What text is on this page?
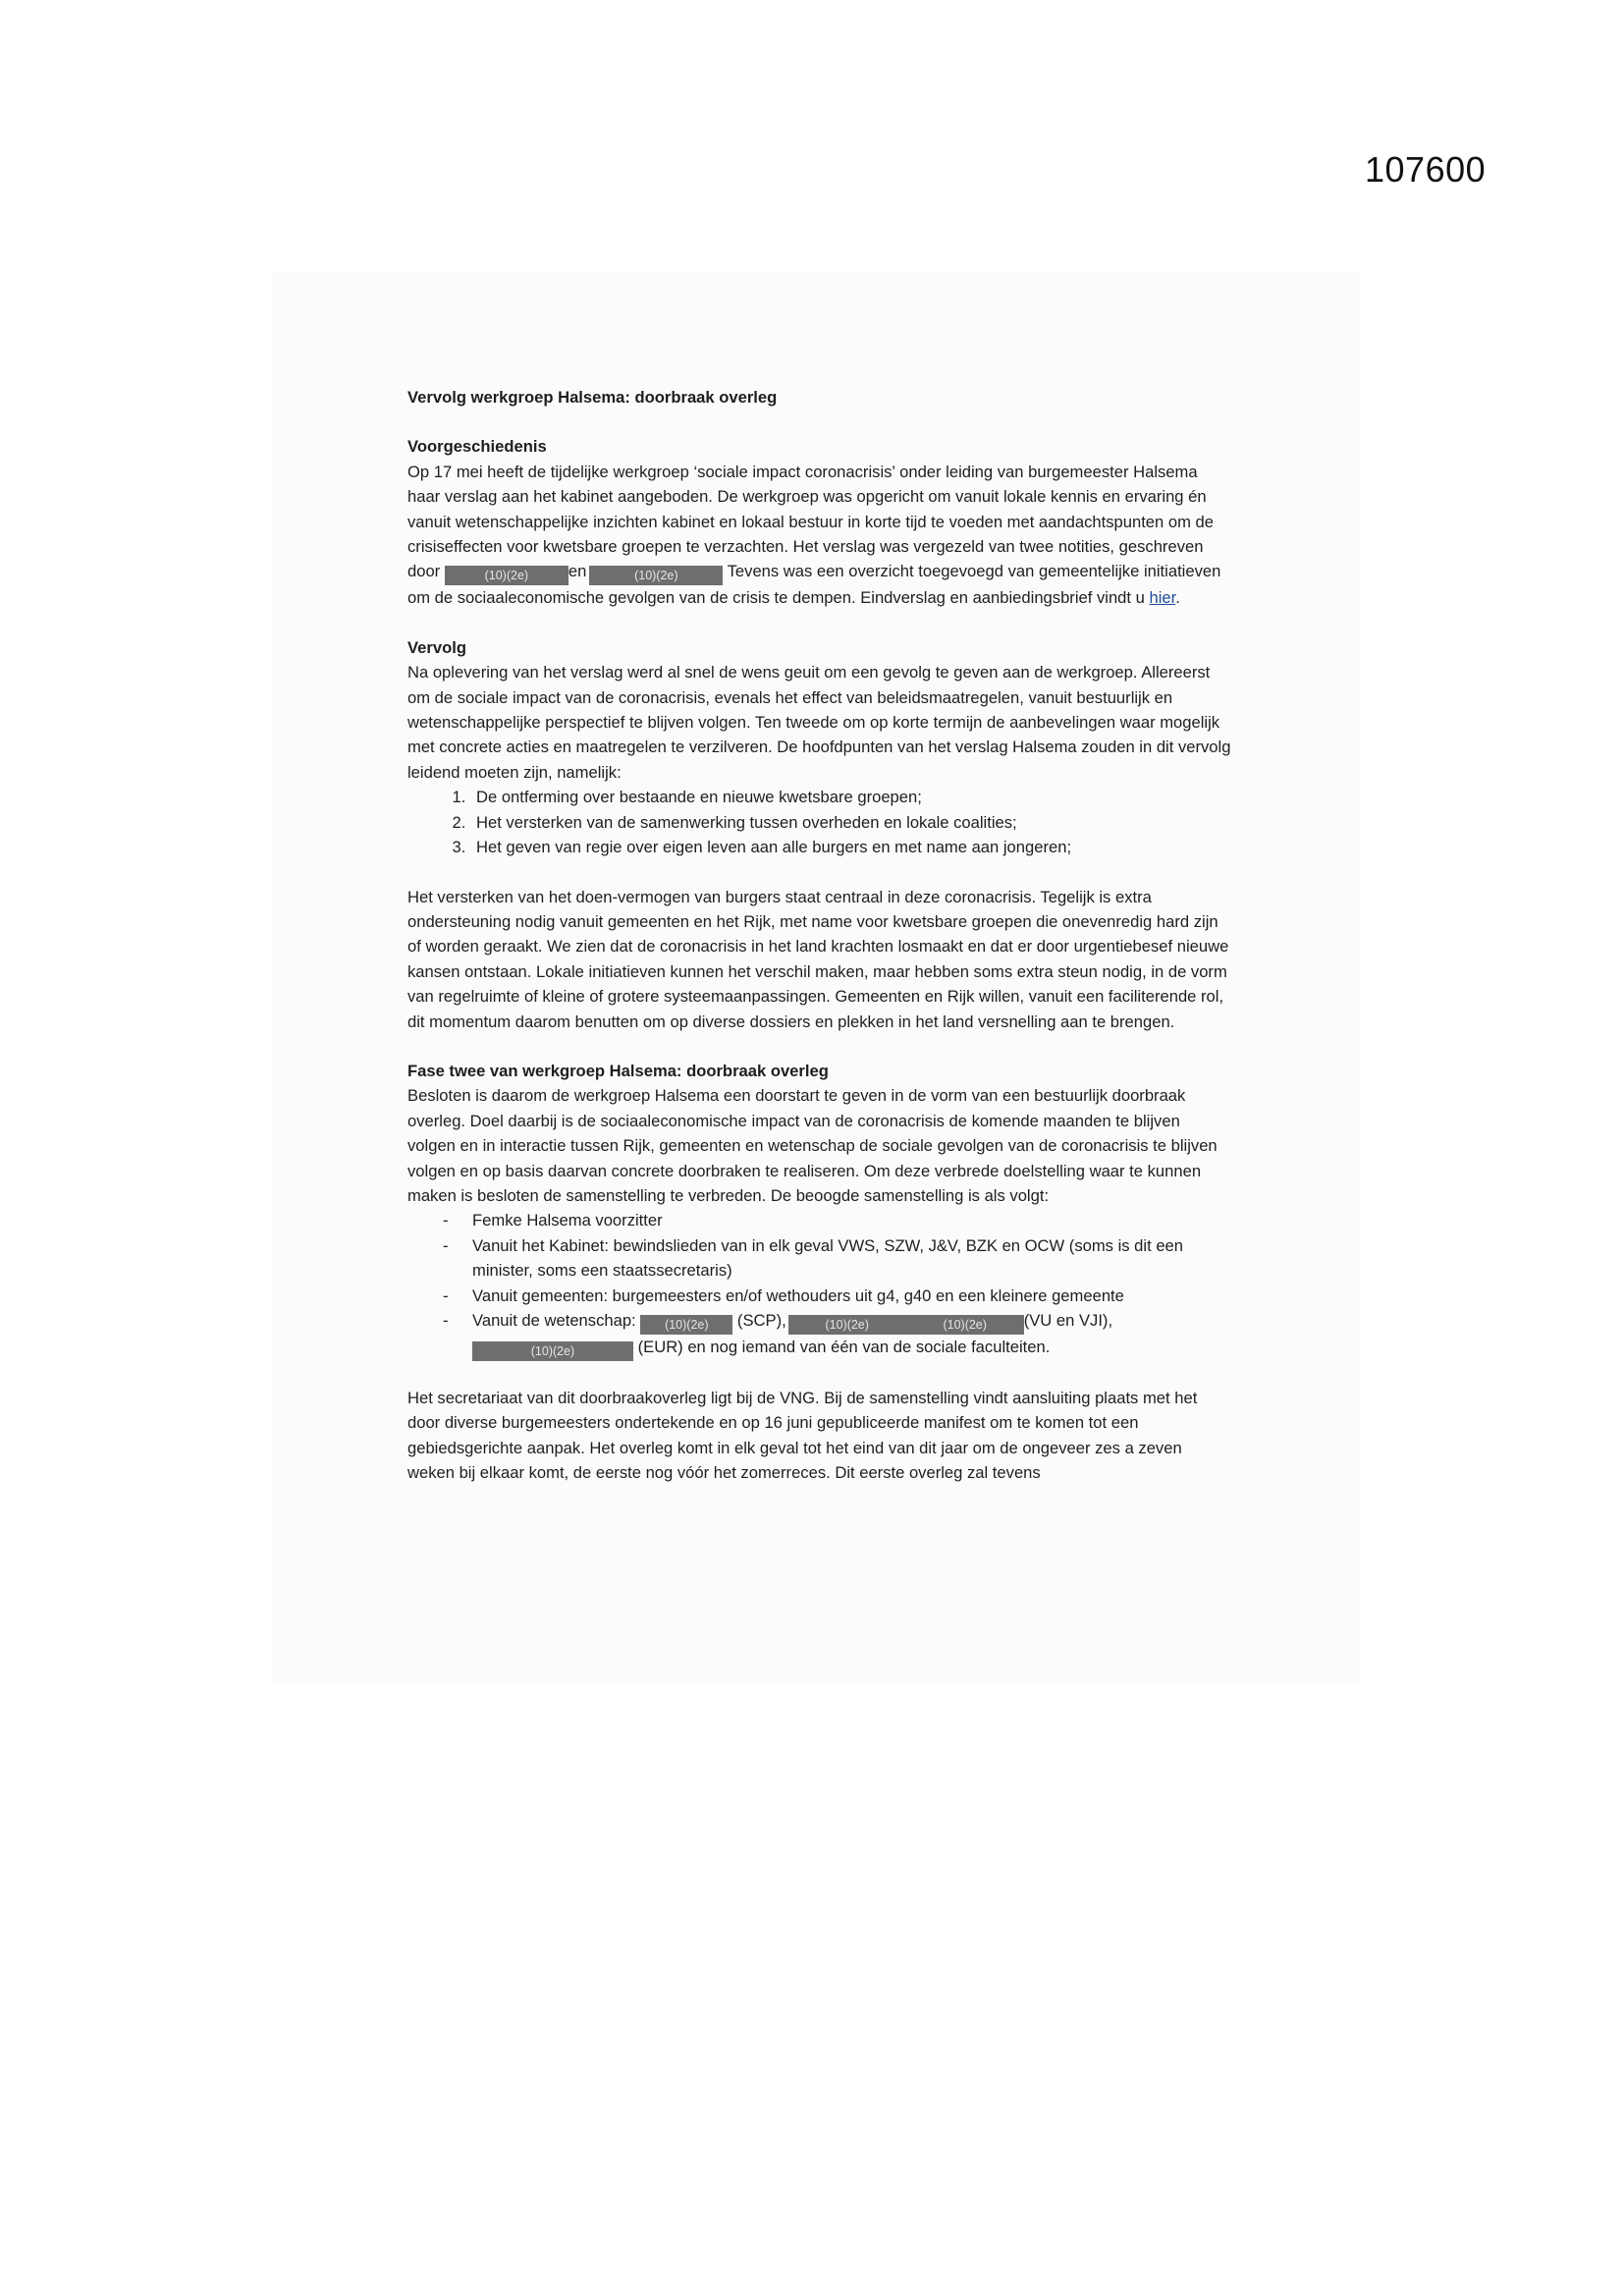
107600

Vervolg werkgroep Halsema: doorbraak overleg

Voorgeschiedenis

Op 17 mei heeft de tijdelijke werkgroep ‘sociale impact coronacrisis’ onder leiding van burgemeester Halsema haar verslag aan het kabinet aangeboden. De werkgroep was opgericht om vanuit lokale kennis en ervaring én vanuit wetenschappelijke inzichten kabinet en lokaal bestuur in korte tijd te voeden met aandachtspunten om de crisiseffecten voor kwetsbare groepen te verzachten. Het verslag was vergezeld van twee notities, geschreven door	(10)(2e) en	(10)(2e)	Tevens was een overzicht toegevoegd van gemeentelijke initiatieven om de sociaaleconomische gevolgen van de crisis te dempen. Eindverslag en aanbiedingsbrief vindt u hier.

Vervolg

Na oplevering van het verslag werd al snel de wens geuit om een gevolg te geven aan de werkgroep. Allereerst om de sociale impact van de coronacrisis, evenals het effect van beleidsmaatregelen, vanuit bestuurlijk en wetenschappelijke perspectief te blijven volgen. Ten tweede om op korte termijn de aanbevelingen waar mogelijk met concrete acties en maatregelen te verzilveren. De hoofdpunten van het verslag Halsema zouden in dit vervolg leidend moeten zijn, namelijk:

1. De ontferming over bestaande en nieuwe kwetsbare groepen;
2. Het versterken van de samenwerking tussen overheden en lokale coalities;
3. Het geven van regie over eigen leven aan alle burgers en met name aan jongeren;

Het versterken van het doen-vermogen van burgers staat centraal in deze coronacrisis. Tegelijk is extra ondersteuning nodig vanuit gemeenten en het Rijk, met name voor kwetsbare groepen die onevenredig hard zijn of worden geraakt. We zien dat de coronacrisis in het land krachten losmaakt en dat er door urgentiebesef nieuwe kansen ontstaan. Lokale initiatieven kunnen het verschil maken, maar hebben soms extra steun nodig, in de vorm van regelruimte of kleine of grotere systeemaanpassingen. Gemeenten en Rijk willen, vanuit een faciliterende rol, dit momentum daarom benutten om op diverse dossiers en plekken in het land versnelling aan te brengen.

Fase twee van werkgroep Halsema: doorbraak overleg

Besloten is daarom de werkgroep Halsema een doorstart te geven in de vorm van een bestuurlijk doorbraak overleg. Doel daarbij is de sociaaleconomische impact van de coronacrisis de komende maanden te blijven volgen en in interactie tussen Rijk, gemeenten en wetenschap de sociale gevolgen van de coronacrisis te blijven volgen en op basis daarvan concrete doorbraken te realiseren. Om deze verbrede doelstelling waar te kunnen maken is besloten de samenstelling te verbreden. De beoogde samenstelling is als volgt:

- Femke Halsema voorzitter
- Vanuit het Kabinet: bewindslieden van in elk geval VWS, SZW, J&V, BZK en OCW (soms is dit een minister, soms een staatssecretaris)
- Vanuit gemeenten: burgemeesters en/of wethouders uit g4, g40 en een kleinere gemeente
- Vanuit de wetenschap: (10)(2e) (SCP),	(10)(2e)	(10)(2e) (VU en VJI), (10)(2e)	(EUR) en nog iemand van één van de sociale faculteiten.

Het secretariaat van dit doorbraakoverleg ligt bij de VNG. Bij de samenstelling vindt aansluiting plaats met het door diverse burgemeesters ondertekende en op 16 juni gepubliceerde manifest om te komen tot een gebiedsgerichte aanpak. Het overleg komt in elk geval tot het eind van dit jaar om de ongeveer zes a zeven weken bij elkaar komt, de eerste nog vóór het zomerreces. Dit eerste overleg zal tevens
